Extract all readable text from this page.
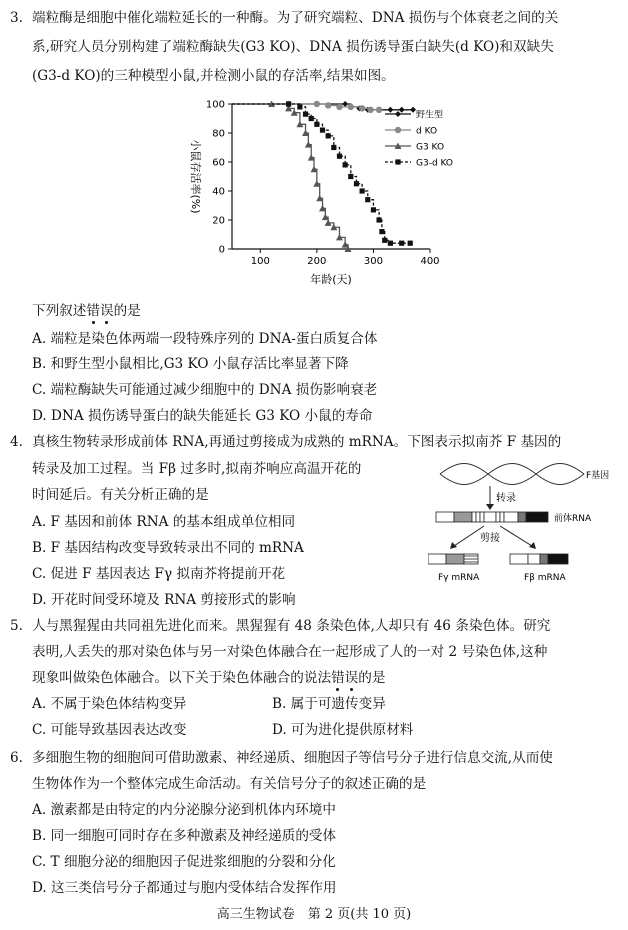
3. 端粒酶是细胞中催化端粒延长的一种酶。为了研究端粒、DNA 损伤与个体衰老之间的关
系,研究人员分别构建了端粒酶缺失(G3 KO)、DNA 损伤诱导蛋白缺失(d KO)和双缺失
(G3-d KO)的三种模型小鼠,并检测小鼠的存活率,结果如图。
0
20
40
60
80
100
100	200	300	400
年龄(天)
小鼠存活率(%)
野生型
d KO
G3 KO
G3-d KO
下列叙述错误的是
A. 端粒是染色体两端一段特殊序列的 DNA-蛋白质复合体
B. 和野生型小鼠相比,G3 KO 小鼠存活比率显著下降
C. 端粒酶缺失可能通过减少细胞中的 DNA 损伤影响衰老
D. DNA 损伤诱导蛋白的缺失能延长 G3 KO 小鼠的寿命
4. 真核生物转录形成前体 RNA,再通过剪接成为成熟的 mRNA。下图表示拟南芥 F 基因的
转录及加工过程。当 Fβ 过多时,拟南芥响应高温开花的
时间延后。有关分析正确的是
A. F 基因和前体 RNA 的基本组成单位相同
B. F 基因结构改变导致转录出不同的 mRNA
C. 促进 F 基因表达 Fγ 拟南芥将提前开花
D. 开花时间受环境及 RNA 剪接形式的影响
F基因
转录
前体RNA
剪接
Fγ mRNA	Fβ mRNA
5. 人与黑猩猩由共同祖先进化而来。黑猩猩有 48 条染色体,人却只有 46 条染色体。研究
表明,人丢失的那对染色体与另一对染色体融合在一起形成了人的一对 2 号染色体,这种
现象叫做染色体融合。以下关于染色体融合的说法错误的是
A. 不属于染色体结构变异	B. 属于可遗传变异
C. 可能导致基因表达改变	D. 可为进化提供原材料
6. 多细胞生物的细胞间可借助激素、神经递质、细胞因子等信号分子进行信息交流,从而使
生物体作为一个整体完成生命活动。有关信号分子的叙述正确的是
A. 激素都是由特定的内分泌腺分泌到机体内环境中
B. 同一细胞可同时存在多种激素及神经递质的受体
C. T 细胞分泌的细胞因子促进浆细胞的分裂和分化
D. 这三类信号分子都通过与胞内受体结合发挥作用
高三生物试卷　第 2 页(共 10 页)
